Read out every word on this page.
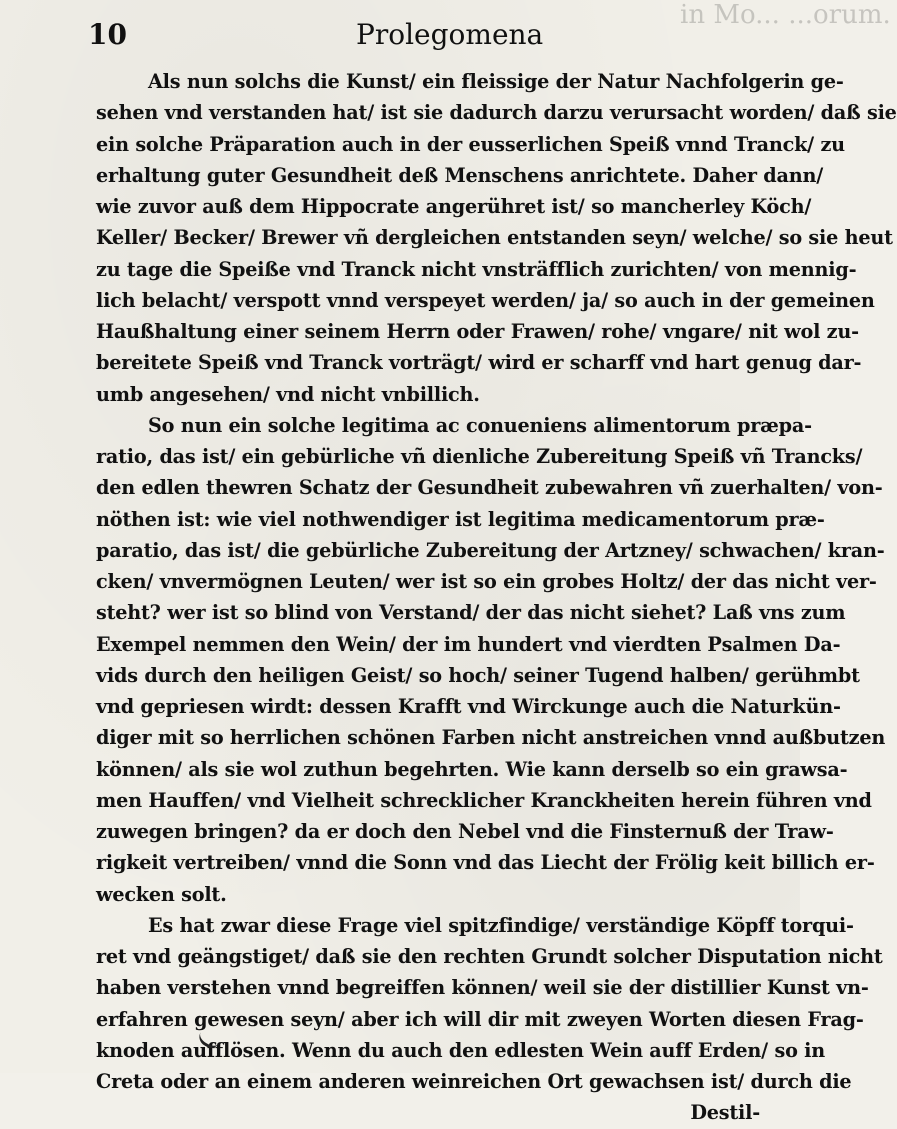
in Mo... ...orum.
10	Prolegomena
Als nun solchs die Kunst/ ein fleissige der Natur Nachfolgerin ge-
sehen vnd verstanden hat/ ist sie dadurch darzu verursacht worden/ daß sie
ein solche Präparation auch in der eusserlichen Speiß vnnd Tranck/ zu
erhaltung guter Gesundheit deß Menschens anrichtete. Daher dann/
wie zuvor auß dem Hippocrate angerühret ist/ so mancherley Köch/
Keller/ Becker/ Brewer vñ dergleichen entstanden seyn/ welche/ so sie heut
zu tage die Speiße vnd Tranck nicht vnsträfflich zurichten/ von mennig-
lich belacht/ verspott vnnd verspeyet werden/ ja/ so auch in der gemeinen
Haußhaltung einer seinem Herrn oder Frawen/ rohe/ vngare/ nit wol zu-
bereitete Speiß vnd Tranck vorträgt/ wird er scharff vnd hart genug dar-
umb angesehen/ vnd nicht vnbillich.
So nun ein solche legitima ac conueniens alimentorum præpa-
ratio, das ist/ ein gebürliche vñ dienliche Zubereitung Speiß vñ Trancks/
den edlen thewren Schatz der Gesundheit zubewahren vñ zuerhalten/ von-
nöthen ist: wie viel nothwendiger ist legitima medicamentorum præ-
paratio, das ist/ die gebürliche Zubereitung der Artzney/ schwachen/ kran-
cken/ vnvermögnen Leuten/ wer ist so ein grobes Holtz/ der das nicht ver-
steht? wer ist so blind von Verstand/ der das nicht siehet? Laß vns zum
Exempel nemmen den Wein/ der im hundert vnd vierdten Psalmen Da-
vids durch den heiligen Geist/ so hoch/ seiner Tugend halben/ gerühmbt
vnd gepriesen wirdt: dessen Krafft vnd Wirckunge auch die Naturkün-
diger mit so herrlichen schönen Farben nicht anstreichen vnnd außbutzen
können/ als sie wol zuthun begehrten. Wie kann derselb so ein grawsa-
men Hauffen/ vnd Vielheit schrecklicher Kranckheiten herein führen vnd
zuwegen bringen? da er doch den Nebel vnd die Finsternuß der Traw-
rigkeit vertreiben/ vnnd die Sonn vnd das Liecht der Frölig keit billich er-
wecken solt.
Es hat zwar diese Frage viel spitzfindige/ verständige Köpff torqui-
ret vnd geängstiget/ daß sie den rechten Grundt solcher Disputation nicht
haben verstehen vnnd begreiffen können/ weil sie der distillier Kunst vn-
erfahren gewesen seyn/ aber ich will dir mit zweyen Worten diesen Frag-
knoden aufflösen. Wenn du auch den edlesten Wein auff Erden/ so in
Creta oder an einem anderen weinreichen Ort gewachsen ist/ durch die
Destil-
